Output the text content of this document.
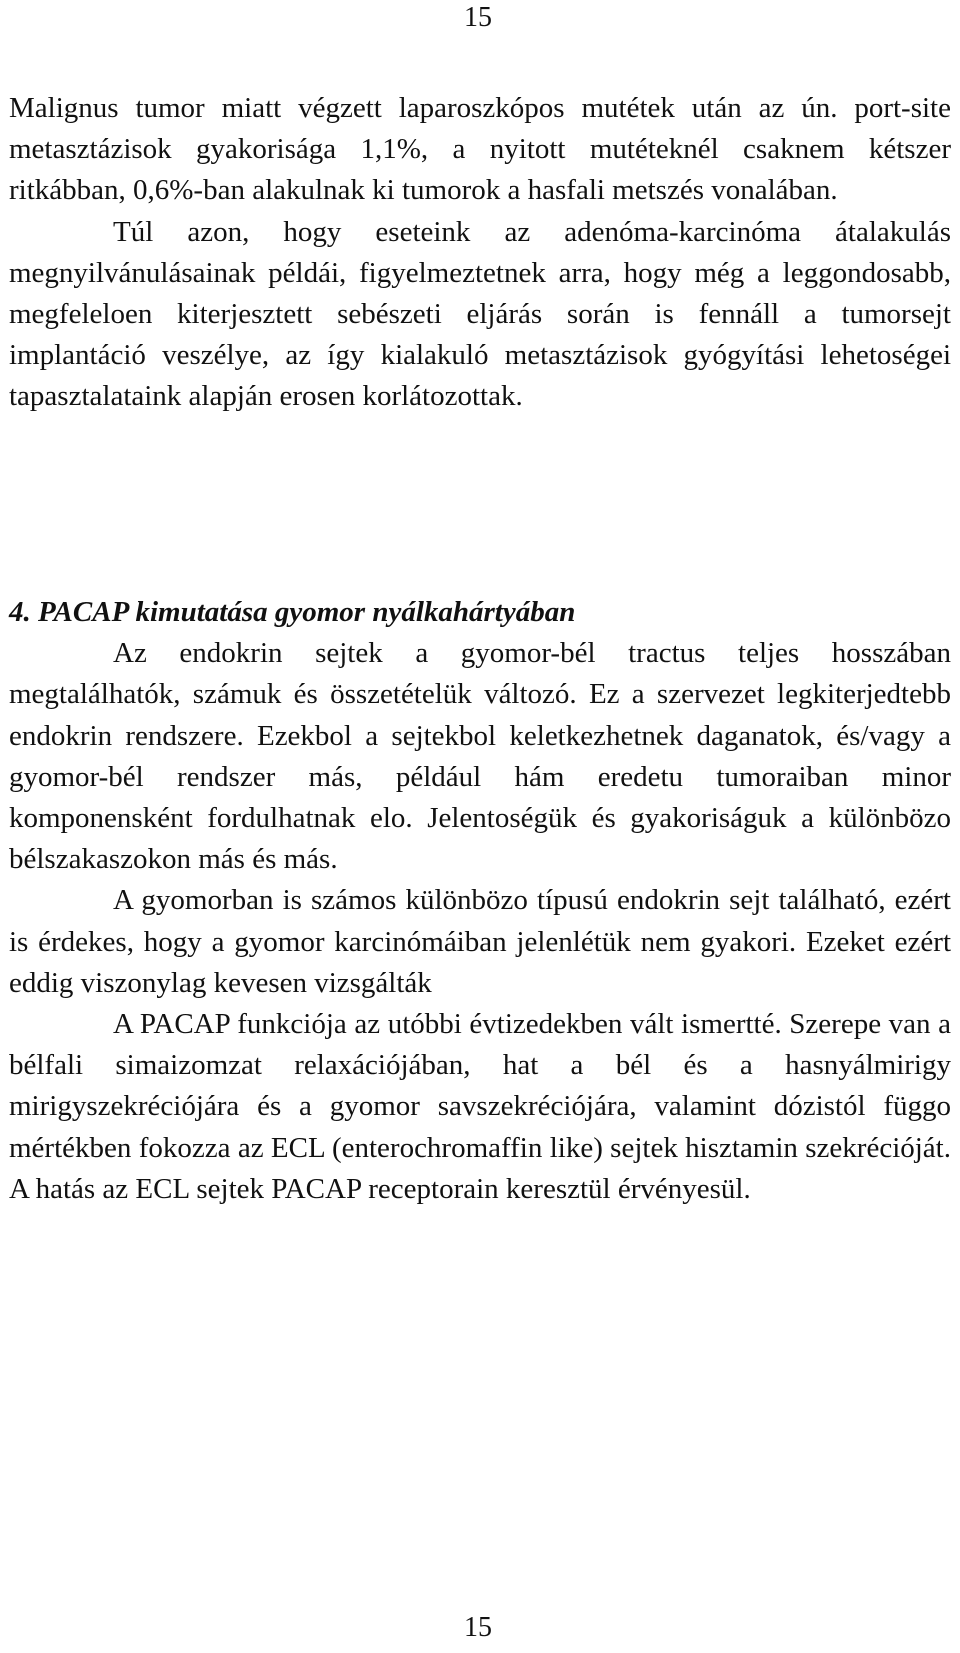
15

Malignus tumor miatt végzett laparoszkópos mutétek után az ún. port-site metasztázisok gyakorisága 1,1%, a nyitott mutéteknél csaknem kétszer ritkábban, 0,6%-ban alakulnak ki tumorok a hasfali metszés vonalában.

Túl azon, hogy eseteink az adenóma-karcinóma átalakulás megnyilvánulásainak példái, figyelmeztetnek arra, hogy még a leggondosabb, megfeleloen kiterjesztett sebészeti eljárás során is fennáll a tumorsejt implantáció veszélye, az így kialakuló metasztázisok gyógyítási lehetoségei tapasztalataink alapján erosen korlátozottak.

4. PACAP kimutatása gyomor nyálkahártyában

Az endokrin sejtek a gyomor-bél tractus teljes hosszában megtalálhatók, számuk és összetételük változó. Ez a szervezet legkiterjedtebb endokrin rendszere. Ezekbol a sejtekbol keletkezhetnek daganatok, és/vagy a gyomor-bél rendszer más, például hám eredetu tumoraiban minor komponensként fordulhatnak elo. Jelentoségük és gyakoriságuk a különbözo bélszakaszokon más és más.

A gyomorban is számos különbözo típusú endokrin sejt található, ezért is érdekes, hogy a gyomor karcinómáiban jelenlétük nem gyakori. Ezeket ezért eddig viszonylag kevesen vizsgálták

A PACAP funkciója az utóbbi évtizedekben vált ismertté. Szerepe van a bélfali simaizomzat relaxációjában, hat a bél és a hasnyálmirigy mirigyszekréciójára és a gyomor savszekréciójára, valamint dózistól függo mértékben fokozza az ECL (enterochromaffin like) sejtek hisztamin szekrécióját. A hatás az ECL sejtek PACAP receptorain keresztül érvényesül.

15
